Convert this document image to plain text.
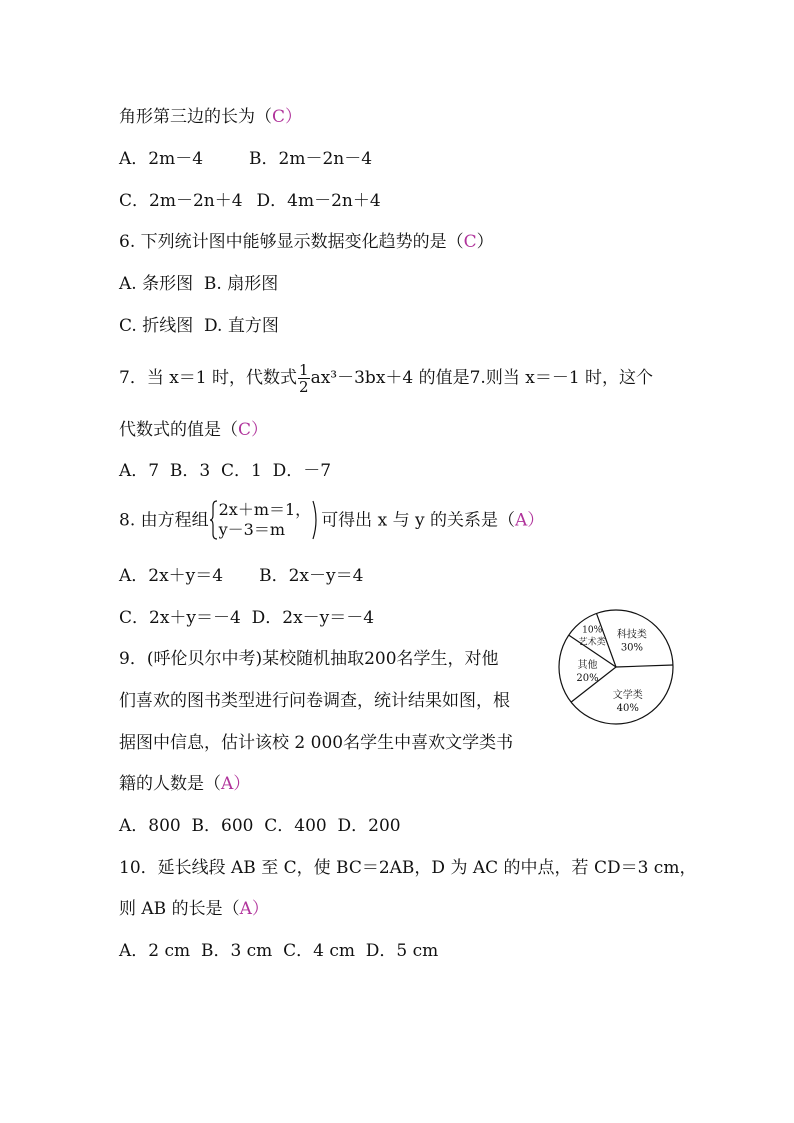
角形第三边的长为（C）
A．2m－4	B．2m－2n－4
C．2m－2n＋4 D．4m－2n＋4
6. 下列统计图中能够显示数据变化趋势的是（C）
A. 条形图  B. 扇形图
C. 折线图  D. 直方图
7．当 x＝1 时，代数式 $\frac{1}{2} ax^3-3bx+4$ 的值是7.则当 x＝－1 时，这个
代数式的值是（C）
A．7  B．3  C．1  D．－7
8. 由方程组
2x＋m＝1，
y－3＝m	可得出 x 与 y 的关系是（A）
A．2x＋y＝4 B．2x－y＝4
C．2x＋y＝－4  D．2x－y＝－4
9．(呼伦贝尔中考)某校随机抽取200名学生，对他
们喜欢的图书类型进行问卷调查，统计结果如图，根
据图中信息，估计该校 2 000名学生中喜欢文学类书
籍的人数是（A）
A．800  B．600  C．400  D．200
科技类
30%
文学类
40%
其他
20%
10%
艺术类
10．延长线段 AB 至 C，使 BC＝2AB，D 为 AC 的中点，若 CD＝3 cm，
则 AB 的长是（A）
A．2 cm  B．3 cm  C．4 cm  D．5 cm
